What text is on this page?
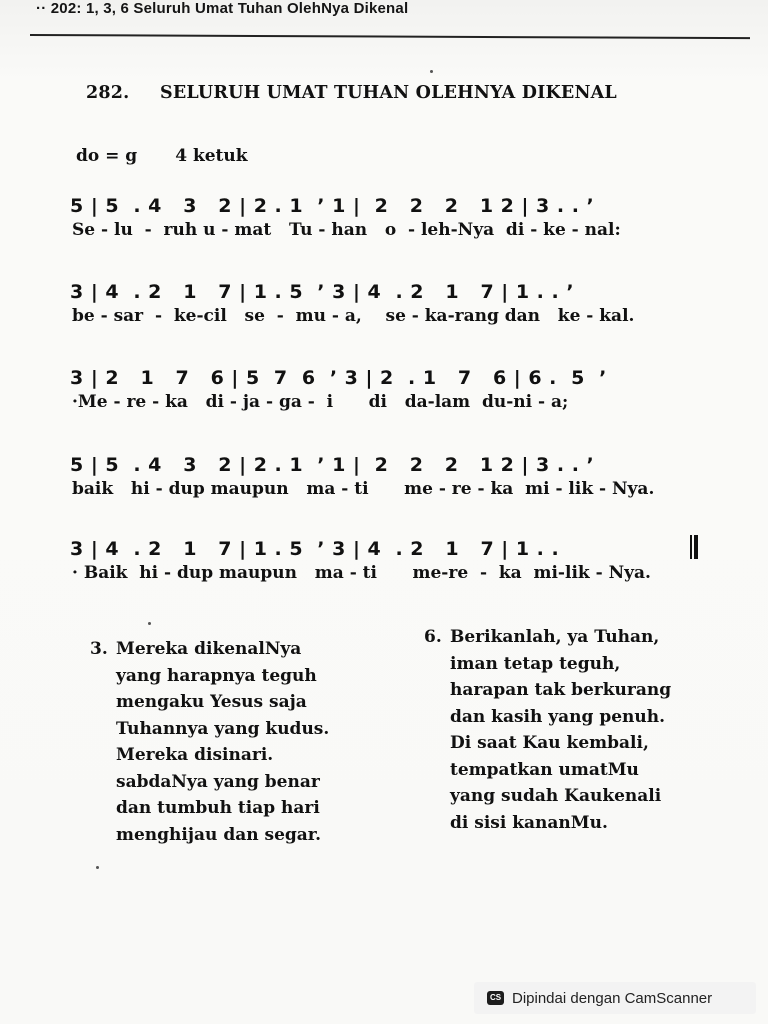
·· 202: 1, 3, 6 Seluruh Umat Tuhan OlehNya Dikenal
282. SELURUH UMAT TUHAN OLEHNYA DIKENAL
do = g 4 ketuk
5 | 5  . 4   3   2 | 2 . 1  ’ 1 |  2   2   2   1 2 | 3 . . ’
Se - lu  -  ruh u - mat   Tu - han   o  - leh-Nya  di - ke - nal:
3 | 4  . 2   1   7 | 1 . 5  ’ 3 | 4  . 2   1   7 | 1 . . ’
be - sar  -  ke-cil   se  -  mu - a,    se - ka-rang dan   ke - kal.
3 | 2   1   7   6 | 5  7  6  ’ 3 | 2  . 1   7   6 | 6 .  5  ’
·Me - re - ka   di - ja - ga -  i      di   da-lam  du-ni - a;
5 | 5  . 4   3   2 | 2 . 1  ’ 1 |  2   2   2   1 2 | 3 . . ’
baik   hi - dup maupun   ma - ti      me - re - ka  mi - lik - Nya.
3 | 4  . 2   1   7 | 1 . 5  ’ 3 | 4  . 2   1   7 | 1 . .
· Baik  hi - dup maupun   ma - ti      me-re  -  ka  mi-lik - Nya.
3. Mereka dikenalNya
yang harapnya teguh
mengaku Yesus saja
Tuhannya yang kudus.
Mereka disinari.
sabdaNya yang benar
dan tumbuh tiap hari
menghijau dan segar.
6. Berikanlah, ya Tuhan,
iman tetap teguh,
harapan tak berkurang
dan kasih yang penuh.
Di saat Kau kembali,
tempatkan umatMu
yang sudah Kaukenali
di sisi kananMu.
CS Dipindai dengan CamScanner
